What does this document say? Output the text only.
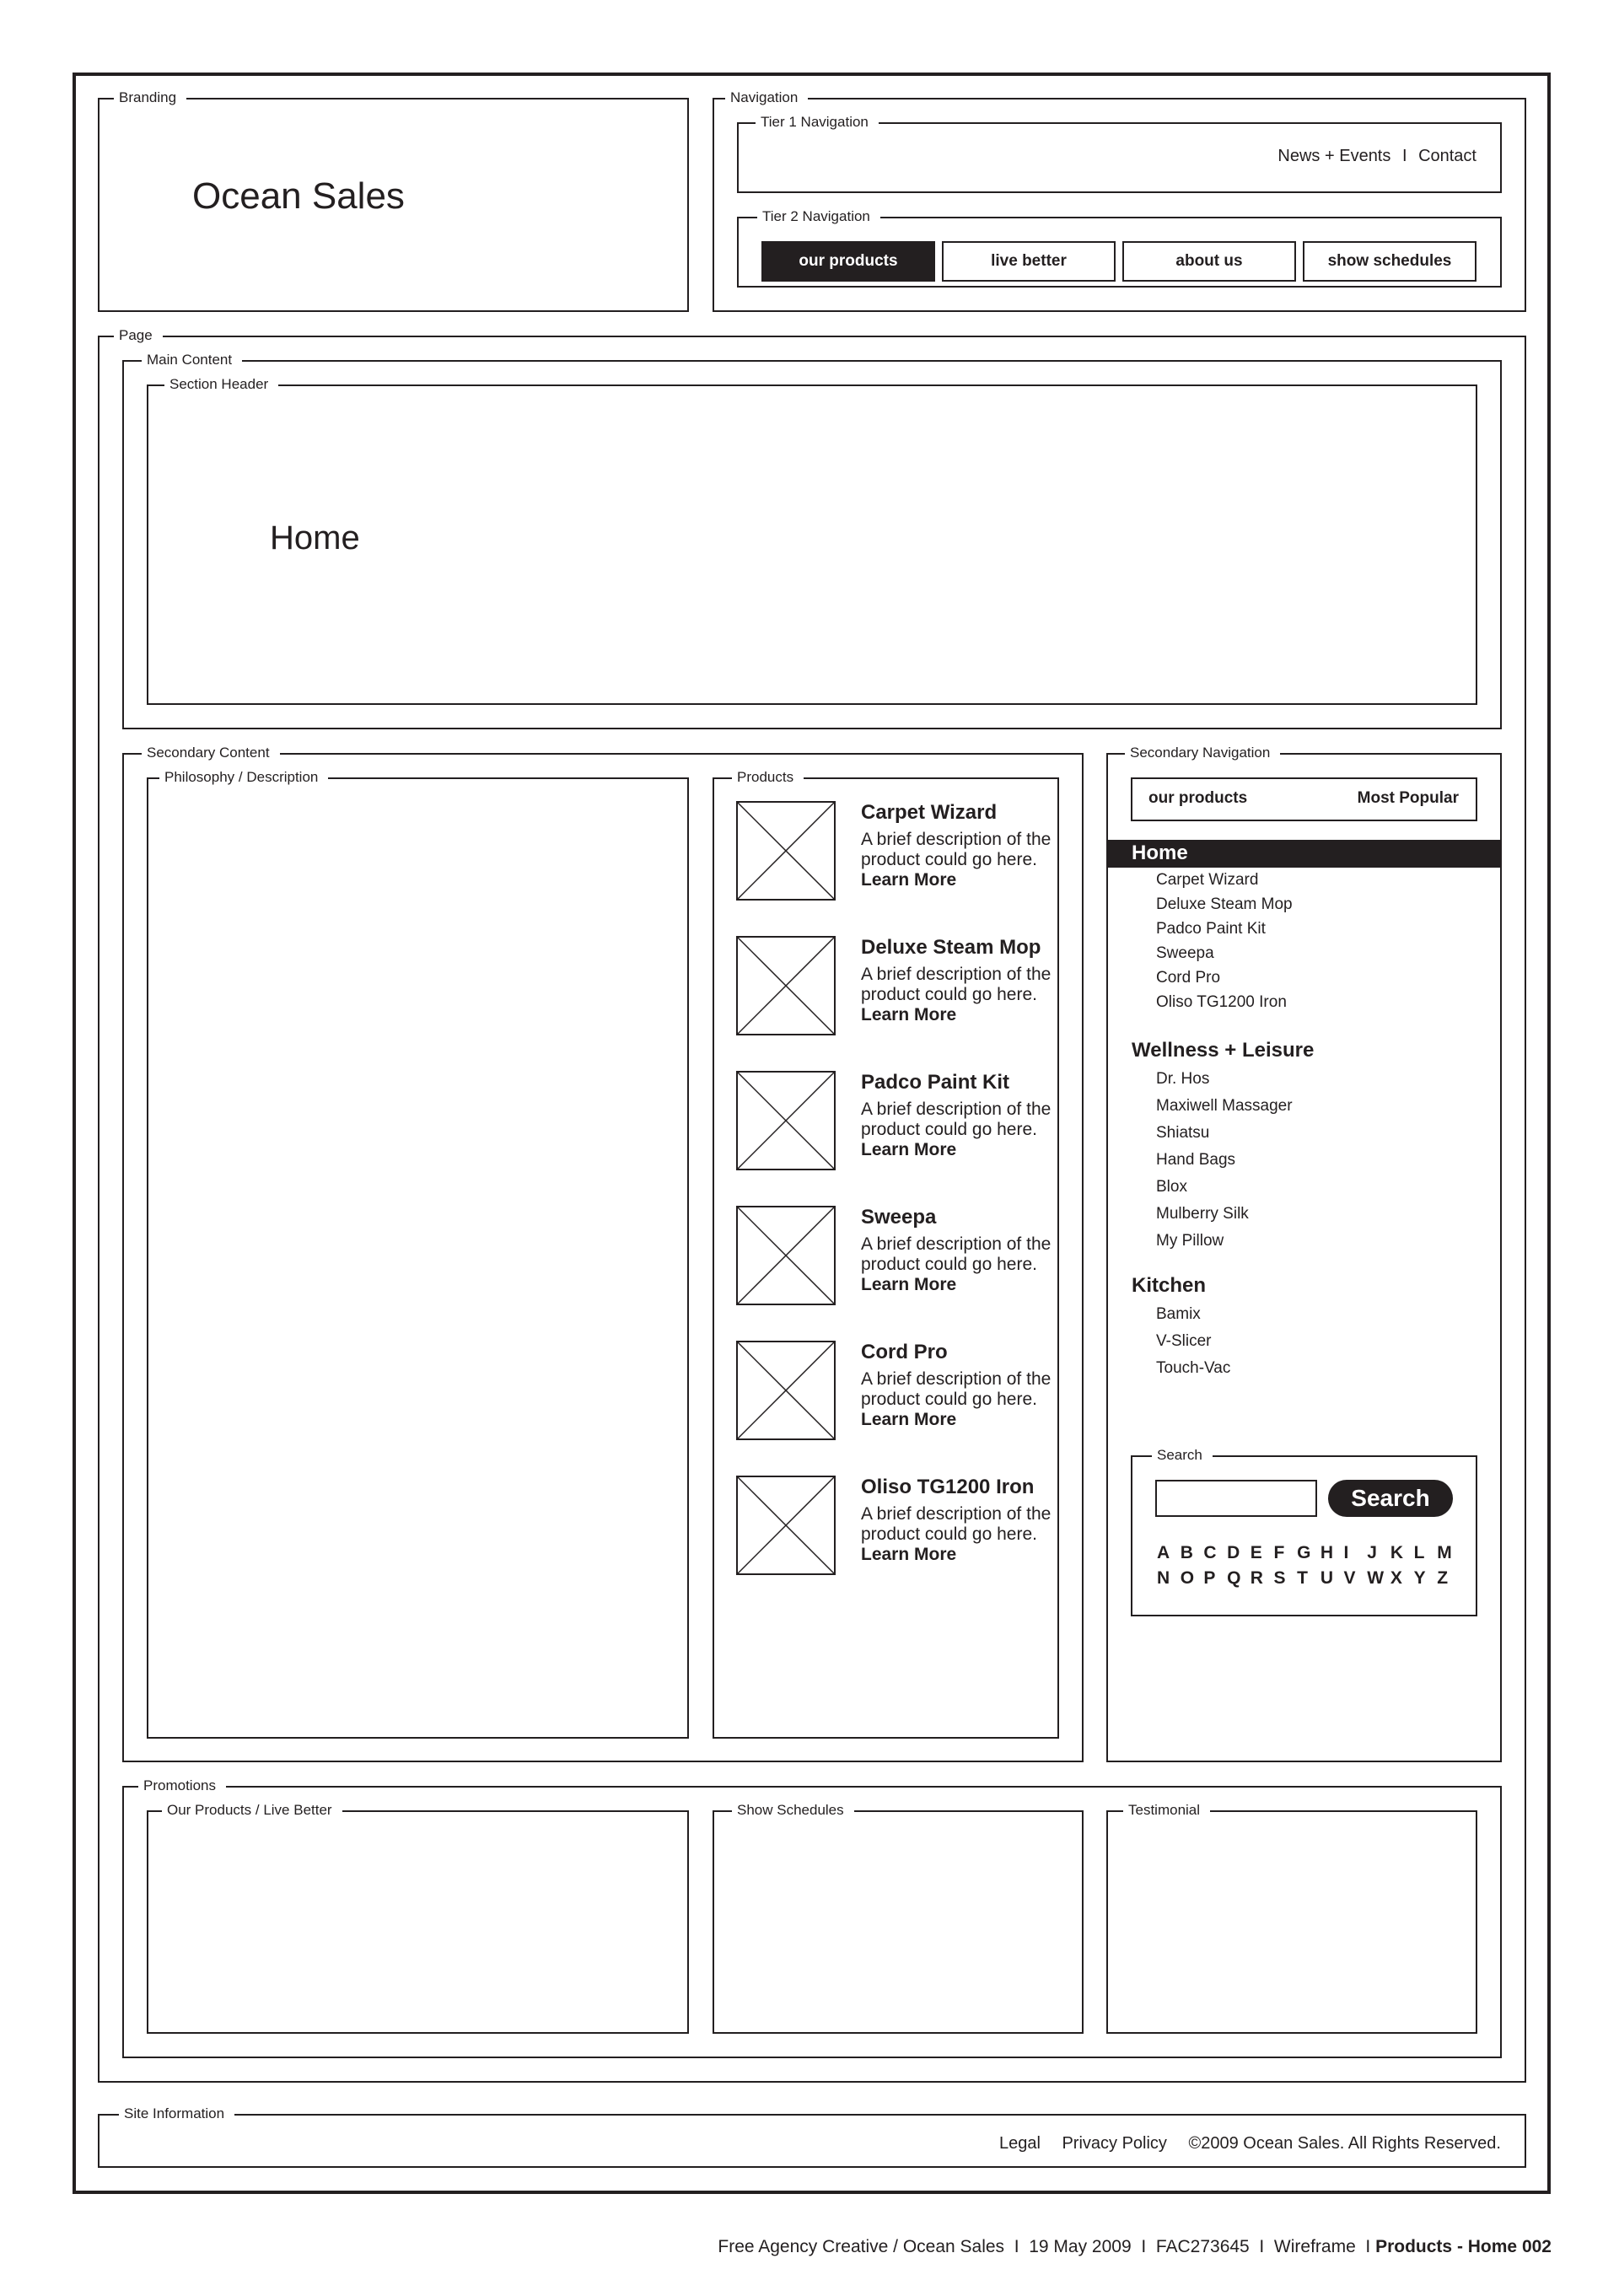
Branding
Ocean Sales
Navigation
Tier 1 Navigation
News + Events I Contact
Tier 2 Navigation
our products	live better	about us	show schedules
Page
Main Content
Section Header
Home
Secondary Content
Philosophy / Description	Products
Carpet Wizard
A brief description of the product could go here. Learn More
Deluxe Steam Mop
A brief description of the product could go here. Learn More
Padco Paint Kit
A brief description of the product could go here. Learn More
Sweepa
A brief description of the product could go here. Learn More
Cord Pro
A brief description of the product could go here. Learn More
Oliso TG1200 Iron
A brief description of the product could go here. Learn More
Secondary Navigation
our products	Most Popular
Home
Carpet Wizard
Deluxe Steam Mop
Padco Paint Kit
Sweepa
Cord Pro
Oliso TG1200 Iron
Wellness + Leisure
Dr. Hos
Maxiwell Massager
Shiatsu
Hand Bags
Blox
Mulberry Silk
My Pillow
Kitchen
Bamix
V-Slicer
Touch-Vac
Search
Search
A B C D E F G H I	J K L M
N O P Q R S T U V W X Y Z
Promotions
Our Products / Live Better	Show Schedules	Testimonial
Site Information
Legal Privacy Policy ©2009 Ocean Sales. All Rights Reserved.
Free Agency Creative / Ocean Sales  I  19 May 2009  I  FAC273645  I  Wireframe  I Products - Home 002
